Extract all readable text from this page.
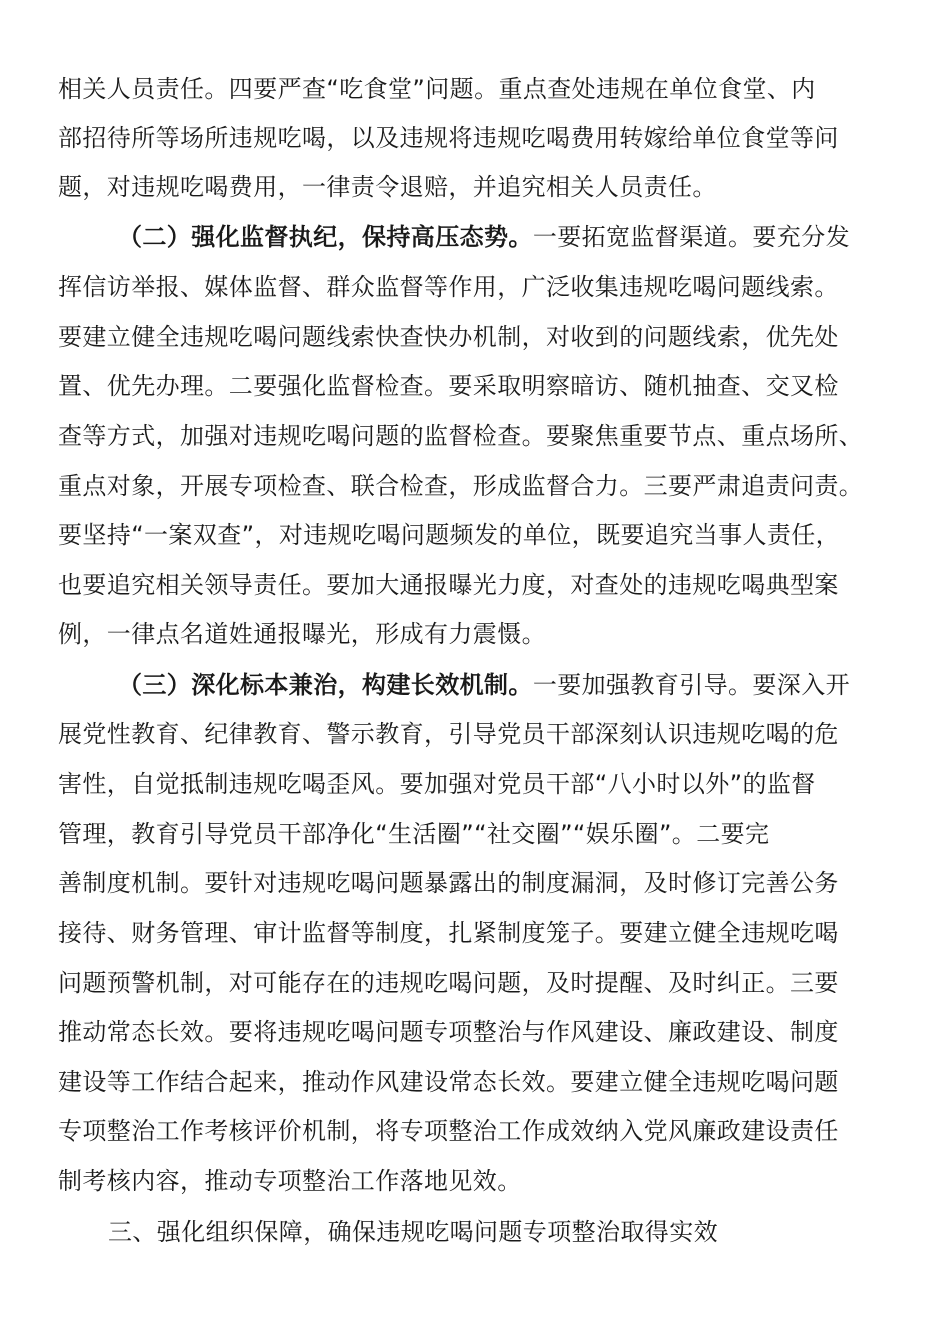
相关人员责任。四要严查“吃食堂”问题。重点查处违规在单位食堂、内
部招待所等场所违规吃喝，以及违规将违规吃喝费用转嫁给单位食堂等问
题，对违规吃喝费用，一律责令退赔，并追究相关人员责任。
（二）强化监督执纪，保持高压态势。一要拓宽监督渠道。要充分发
挥信访举报、媒体监督、群众监督等作用，广泛收集违规吃喝问题线索。
要建立健全违规吃喝问题线索快查快办机制，对收到的问题线索，优先处
置、优先办理。二要强化监督检查。要采取明察暗访、随机抽查、交叉检
查等方式，加强对违规吃喝问题的监督检查。要聚焦重要节点、重点场所、
重点对象，开展专项检查、联合检查，形成监督合力。三要严肃追责问责。
要坚持“一案双查”，对违规吃喝问题频发的单位，既要追究当事人责任，
也要追究相关领导责任。要加大通报曝光力度，对查处的违规吃喝典型案
例，一律点名道姓通报曝光，形成有力震慑。
（三）深化标本兼治，构建长效机制。一要加强教育引导。要深入开
展党性教育、纪律教育、警示教育，引导党员干部深刻认识违规吃喝的危
害性，自觉抵制违规吃喝歪风。要加强对党员干部“八小时以外”的监督
管理，教育引导党员干部净化“生活圈”“社交圈”“娱乐圈”。二要完
善制度机制。要针对违规吃喝问题暴露出的制度漏洞，及时修订完善公务
接待、财务管理、审计监督等制度，扎紧制度笼子。要建立健全违规吃喝
问题预警机制，对可能存在的违规吃喝问题，及时提醒、及时纠正。三要
推动常态长效。要将违规吃喝问题专项整治与作风建设、廉政建设、制度
建设等工作结合起来，推动作风建设常态长效。要建立健全违规吃喝问题
专项整治工作考核评价机制，将专项整治工作成效纳入党风廉政建设责任
制考核内容，推动专项整治工作落地见效。
三、强化组织保障，确保违规吃喝问题专项整治取得实效
